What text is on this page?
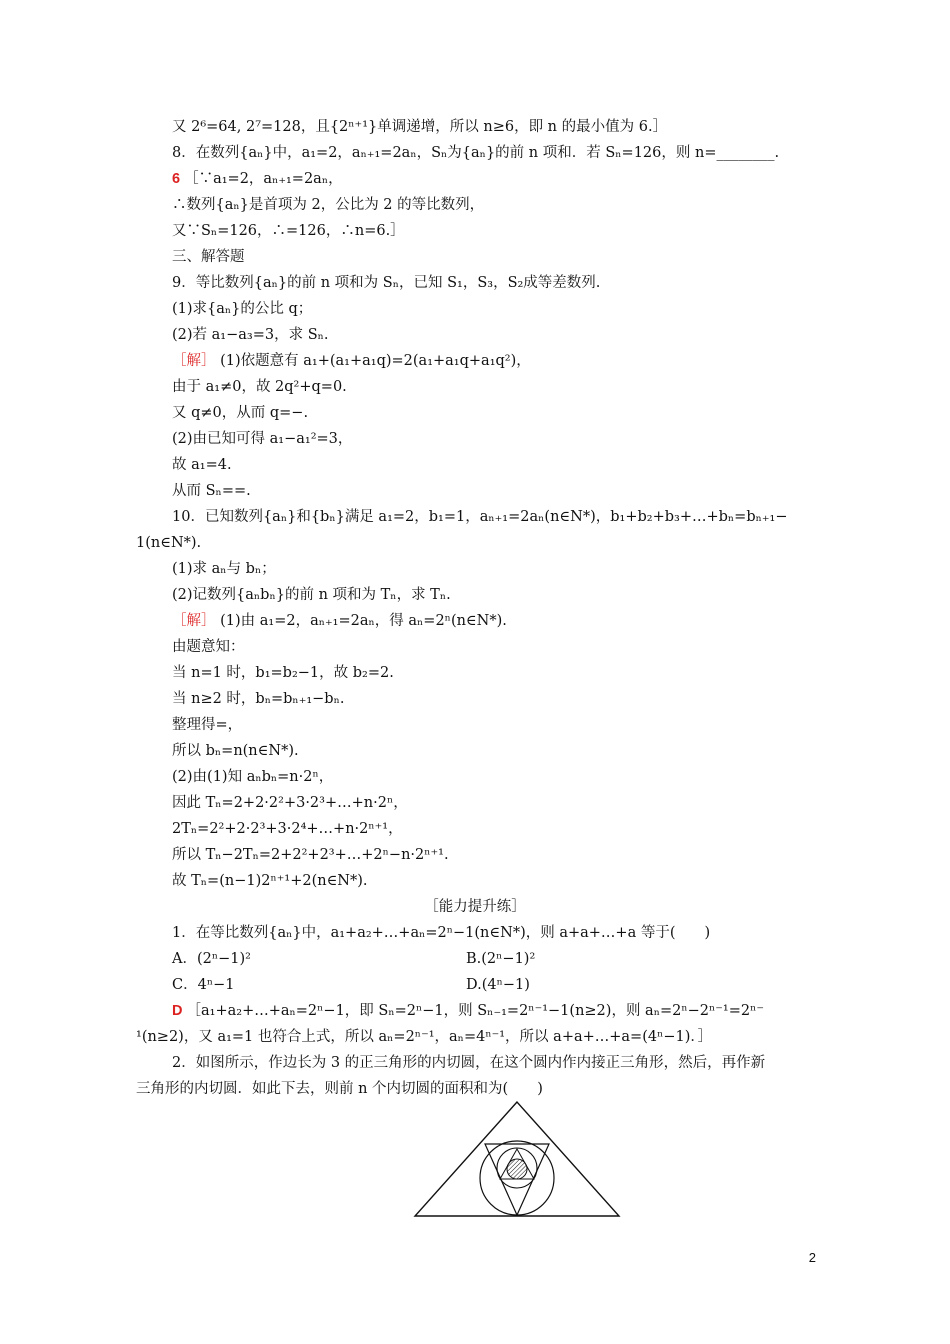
又 2⁶=64, 2⁷=128，且{2ⁿ⁺¹}单调递增，所以 n≥6，即 n 的最小值为 6.］
8．在数列{aₙ}中，a₁=2，aₙ₊₁=2aₙ，Sₙ为{aₙ}的前 n 项和．若 Sₙ=126，则 n=________.
6 ［∵a₁=2，aₙ₊₁=2aₙ，
∴数列{aₙ}是首项为 2，公比为 2 的等比数列，
又∵Sₙ=126，∴=126，∴n=6.］
三、解答题
9．等比数列{aₙ}的前 n 项和为 Sₙ，已知 S₁，S₃，S₂成等差数列.
(1)求{aₙ}的公比 q；
(2)若 a₁−a₃=3，求 Sₙ.
［解］ (1)依题意有 a₁+(a₁+a₁q)=2(a₁+a₁q+a₁q²)，
由于 a₁≠0，故 2q²+q=0.
又 q≠0，从而 q=−.
(2)由已知可得 a₁−a₁²=3，
故 a₁=4.
从而 Sₙ==.
10．已知数列{aₙ}和{bₙ}满足 a₁=2，b₁=1，aₙ₊₁=2aₙ(n∈N*)，b₁+b₂+b₃+…+bₙ=bₙ₊₁−
1(n∈N*).
(1)求 aₙ与 bₙ；
(2)记数列{aₙbₙ}的前 n 项和为 Tₙ，求 Tₙ.
［解］ (1)由 a₁=2，aₙ₊₁=2aₙ，得 aₙ=2ⁿ(n∈N*).
由题意知：
当 n=1 时，b₁=b₂−1，故 b₂=2.
当 n≥2 时，bₙ=bₙ₊₁−bₙ.
整理得=，
所以 bₙ=n(n∈N*).
(2)由(1)知 aₙbₙ=n·2ⁿ，
因此 Tₙ=2+2·2²+3·2³+…+n·2ⁿ，
2Tₙ=2²+2·2³+3·2⁴+…+n·2ⁿ⁺¹，
所以 Tₙ−2Tₙ=2+2²+2³+…+2ⁿ−n·2ⁿ⁺¹.
故 Tₙ=(n−1)2ⁿ⁺¹+2(n∈N*).
［能力提升练］
1．在等比数列{aₙ}中，a₁+a₂+…+aₙ=2ⁿ−1(n∈N*)，则 a+a+…+a 等于(　　)
A．(2ⁿ−1)²	B.(2ⁿ−1)²
C．4ⁿ−1	D.(4ⁿ−1)
D ［a₁+a₂+…+aₙ=2ⁿ−1，即 Sₙ=2ⁿ−1，则 Sₙ₋₁=2ⁿ⁻¹−1(n≥2)，则 aₙ=2ⁿ−2ⁿ⁻¹=2ⁿ⁻
¹(n≥2)，又 a₁=1 也符合上式，所以 aₙ=2ⁿ⁻¹，aₙ=4ⁿ⁻¹，所以 a+a+…+a=(4ⁿ−1)．］
2．如图所示，作边长为 3 的正三角形的内切圆，在这个圆内作内接正三角形，然后，再作新
三角形的内切圆．如此下去，则前 n 个内切圆的面积和为(　　)
2
